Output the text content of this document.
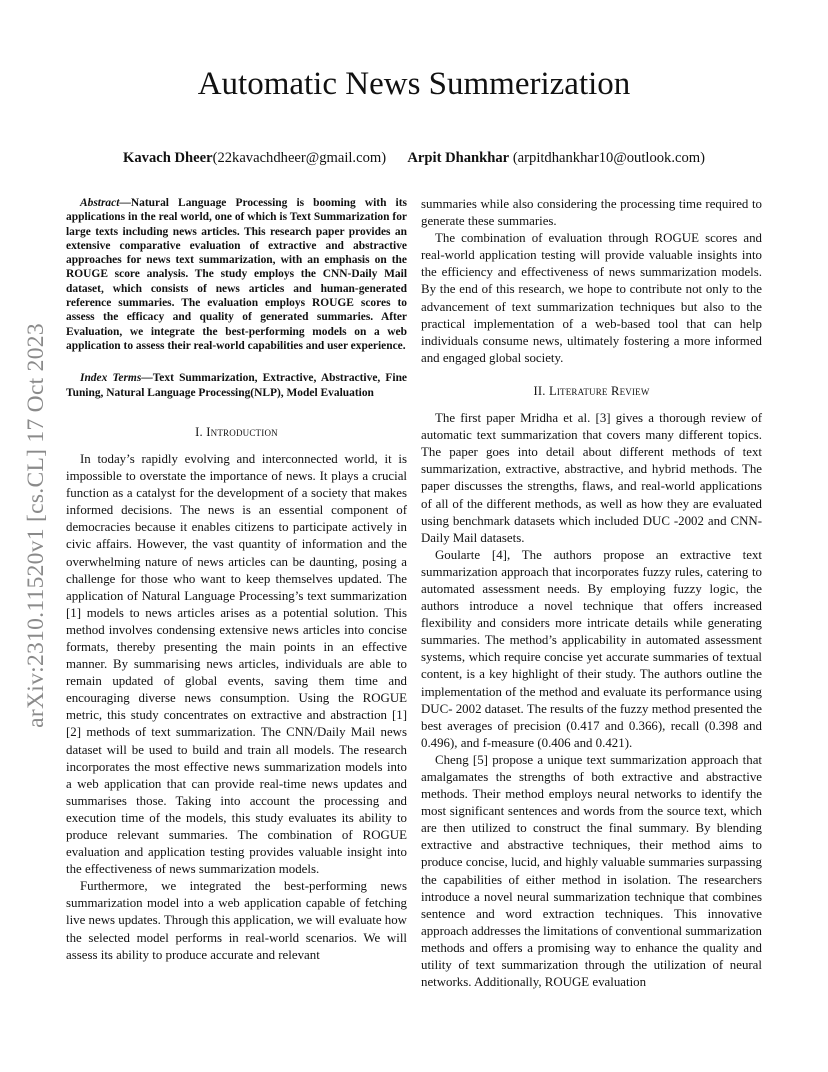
arXiv:2310.11520v1 [cs.CL] 17 Oct 2023
Automatic News Summerization
Kavach Dheer(22kavachdheer@gmail.com) Arpit Dhankhar (arpitdhankhar10@outlook.com)

Abstract—Natural Language Processing is booming with its applications in the real world, one of which is Text Summarization for large texts including news articles. This research paper provides an extensive comparative evaluation of extractive and abstractive approaches for news text summarization, with an emphasis on the ROUGE score analysis. The study employs the CNN-Daily Mail dataset, which consists of news articles and human-generated reference summaries. The evaluation employs ROUGE scores to assess the efficacy and quality of generated summaries. After Evaluation, we integrate the best-performing models on a web application to assess their real-world capabilities and user experience.

Index Terms—Text Summarization, Extractive, Abstractive, Fine Tuning, Natural Language Processing(NLP), Model Evaluation

I. Introduction

In today’s rapidly evolving and interconnected world, it is impossible to overstate the importance of news. It plays a crucial function as a catalyst for the development of a society that makes informed decisions. The news is an essential component of democracies because it enables citizens to participate actively in civic affairs. However, the vast quantity of information and the overwhelming nature of news articles can be daunting, posing a challenge for those who want to keep themselves updated. The application of Natural Language Processing’s text summarization [1] models to news articles arises as a potential solution. This method involves condensing extensive news articles into concise formats, thereby presenting the main points in an effective manner. By summarising news articles, individuals are able to remain updated of global events, saving them time and encouraging diverse news consumption. Using the ROGUE metric, this study concentrates on extractive and abstraction [1][2] methods of text summarization. The CNN/Daily Mail news dataset will be used to build and train all models. The research incorporates the most effective news summarization models into a web application that can provide real-time news updates and summarises those. Taking into account the processing and execution time of the models, this study evaluates its ability to produce relevant summaries. The combination of ROGUE evaluation and application testing provides valuable insight into the effectiveness of news summarization models.

Furthermore, we integrated the best-performing news summarization model into a web application capable of fetching live news updates. Through this application, we will evaluate how the selected model performs in real-world scenarios. We will assess its ability to produce accurate and relevant

summaries while also considering the processing time required to generate these summaries.

The combination of evaluation through ROGUE scores and real-world application testing will provide valuable insights into the efficiency and effectiveness of news summarization models. By the end of this research, we hope to contribute not only to the advancement of text summarization techniques but also to the practical implementation of a web-based tool that can help individuals consume news, ultimately fostering a more informed and engaged global society.

II. Literature Review

The first paper Mridha et al. [3] gives a thorough review of automatic text summarization that covers many different topics. The paper goes into detail about different methods of text summarization, extractive, abstractive, and hybrid methods. The paper discusses the strengths, flaws, and real-world applications of all of the different methods, as well as how they are evaluated using benchmark datasets which included DUC -2002 and CNN-Daily Mail datasets.

Goularte [4], The authors propose an extractive text summarization approach that incorporates fuzzy rules, catering to automated assessment needs. By employing fuzzy logic, the authors introduce a novel technique that offers increased flexibility and considers more intricate details while generating summaries. The method’s applicability in automated assessment systems, which require concise yet accurate summaries of textual content, is a key highlight of their study. The authors outline the implementation of the method and evaluate its performance using DUC- 2002 dataset. The results of the fuzzy method presented the best averages of precision (0.417 and 0.366), recall (0.398 and 0.496), and f-measure (0.406 and 0.421).

Cheng [5] propose a unique text summarization approach that amalgamates the strengths of both extractive and abstractive methods. Their method employs neural networks to identify the most significant sentences and words from the source text, which are then utilized to construct the final summary. By blending extractive and abstractive techniques, their method aims to produce concise, lucid, and highly valuable summaries surpassing the capabilities of either method in isolation. The researchers introduce a novel neural summarization technique that combines sentence and word extraction techniques. This innovative approach addresses the limitations of conventional summarization methods and offers a promising way to enhance the quality and utility of text summarization through the utilization of neural networks. Additionally, ROUGE evaluation
